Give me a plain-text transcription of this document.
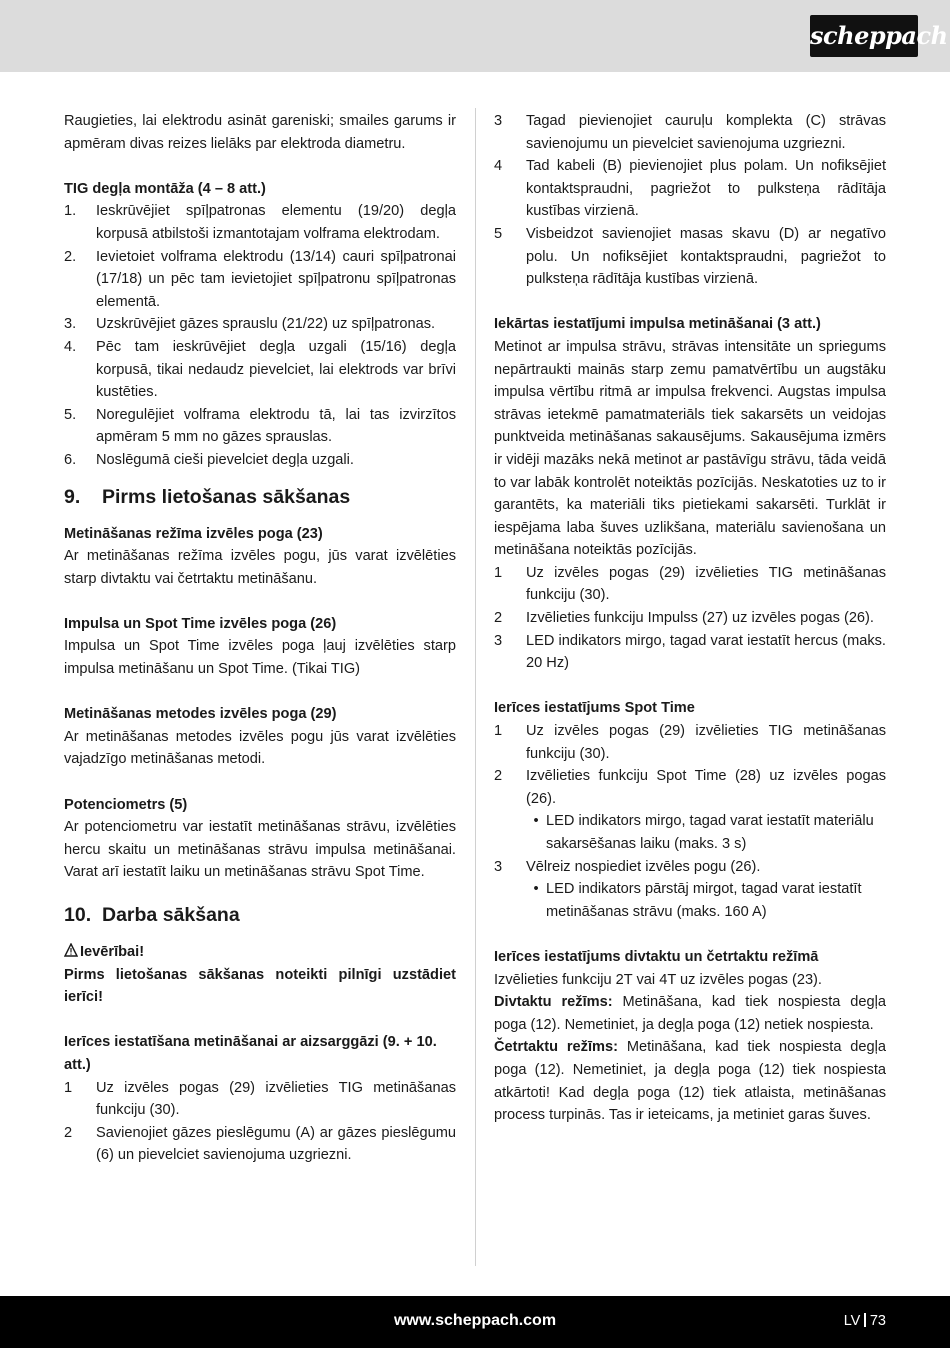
scheppach

Raugieties, lai elektrodu asināt gareniski; smailes garums ir apmēram divas reizes lielāks par elektroda diametru.

TIG degļa montāža (4 – 8 att.)

1.	Ieskrūvējiet spīļpatronas elementu (19/20) degļa korpusā atbilstoši izmantotajam volframa elektrodam.
2.	Ievietoiet volframa elektrodu (13/14) cauri spīļpatronai (17/18) un pēc tam ievietojiet spīļpatronu spīļpatronas elementā.
3.	Uzskrūvējiet gāzes sprauslu (21/22) uz spīļpatronas.
4.	Pēc tam ieskrūvējiet degļa uzgali (15/16) degļa korpusā, tikai nedaudz pievelciet, lai elektrods var brīvi kustēties.
5.	Noregulējiet volframa elektrodu tā, lai tas izvirzītos apmēram 5 mm no gāzes sprauslas.
6.	Noslēgumā cieši pievelciet degļa uzgali.
9. Pirms lietošanas sākšanas

Metināšanas režīma izvēles poga (23)

Ar metināšanas režīma izvēles pogu, jūs varat izvēlēties starp divtaktu vai četrtaktu metināšanu.

Impulsa un Spot Time izvēles poga (26)

Impulsa un Spot Time izvēles poga ļauj izvēlēties starp impulsa metināšanu un Spot Time. (Tikai TIG)

Metināšanas metodes izvēles poga (29)

Ar metināšanas metodes izvēles pogu jūs varat izvēlēties vajadzīgo metināšanas metodi.

Potenciometrs (5)

Ar potenciometru var iestatīt metināšanas strāvu, izvēlēties hercu skaitu un metināšanas strāvu impulsa metināšanai. Varat arī iestatīt laiku un metināšanas strāvu Spot Time.

10. Darba sākšana

Ievērībai!

Pirms lietošanas sākšanas noteikti pilnīgi uzstādiet ierīci!

Ierīces iestatīšana metināšanai ar aizsarggāzi (9. + 10. att.)

1	Uz izvēles pogas (29) izvēlieties TIG metināšanas funkciju (30).
2	Savienojiet gāzes pieslēgumu (A) ar gāzes pieslēgumu (6) un pievelciet savienojuma uzgriezni.
3	Tagad pievienojiet cauruļu komplekta (C) strāvas savienojumu un pievelciet savienojuma uzgriezni.
4	Tad kabeli (B) pievienojiet plus polam. Un nofiksējiet kontaktspraudni, pagriežot to pulksteņa rādītāja kustības virzienā.
5	Visbeidzot savienojiet masas skavu (D) ar negatīvo polu. Un nofiksējiet kontaktspraudni, pagriežot to pulksteņa rādītāja kustības virzienā.

Iekārtas iestatījumi impulsa metināšanai (3 att.)

Metinot ar impulsa strāvu, strāvas intensitāte un spriegums nepārtraukti mainās starp zemu pamatvērtību un augstāku impulsa vērtību ritmā ar impulsa frekvenci. Augstas impulsa strāvas ietekmē pamatmateriāls tiek sakarsēts un veidojas punktveida metināšanas sakausējums. Sakausējuma izmērs ir vidēji mazāks nekā metinot ar pastāvīgu strāvu, tāda veidā to var labāk kontrolēt noteiktās pozīcijās. Neskatoties uz to ir garantēts, ka materiāli tiks pietiekami sakarsēti. Turklāt ir iespējama laba šuves uzlikšana, materiālu savienošana un metināšana noteiktās pozīcijās.

1	Uz izvēles pogas (29) izvēlieties TIG metināšanas funkciju (30).
2	Izvēlieties funkciju Impulss (27) uz izvēles pogas (26).
3	LED indikators mirgo, tagad varat iestatīt hercus (maks. 20 Hz)

Ierīces iestatījums Spot Time

1	Uz izvēles pogas (29) izvēlieties TIG metināšanas funkciju (30).
2	Izvēlieties funkciju Spot Time (28) uz izvēles pogas (26).
• LED indikators mirgo, tagad varat iestatīt materiālu sakarsēšanas laiku (maks. 3 s)
3	Vēlreiz nospiediet izvēles pogu (26).
• LED indikators pārstāj mirgot, tagad varat iestatīt metināšanas strāvu (maks. 160 A)

Ierīces iestatījums divtaktu un četrtaktu režīmā

Izvēlieties funkciju 2T vai 4T uz izvēles pogas (23).

Divtaktu režīms: Metināšana, kad tiek nospiesta degļa poga (12). Nemetiniet, ja degļa poga (12) netiek nospiesta.

Četrtaktu režīms: Metināšana, kad tiek nospiesta degļa poga (12). Nemetiniet, ja degļa poga (12) tiek nospiesta atkārtoti! Kad degļa poga (12) tiek atlaista, metināšanas process turpinās. Tas ir ieteicams, ja metiniet garas šuves.

www.scheppach.com	LV 73
